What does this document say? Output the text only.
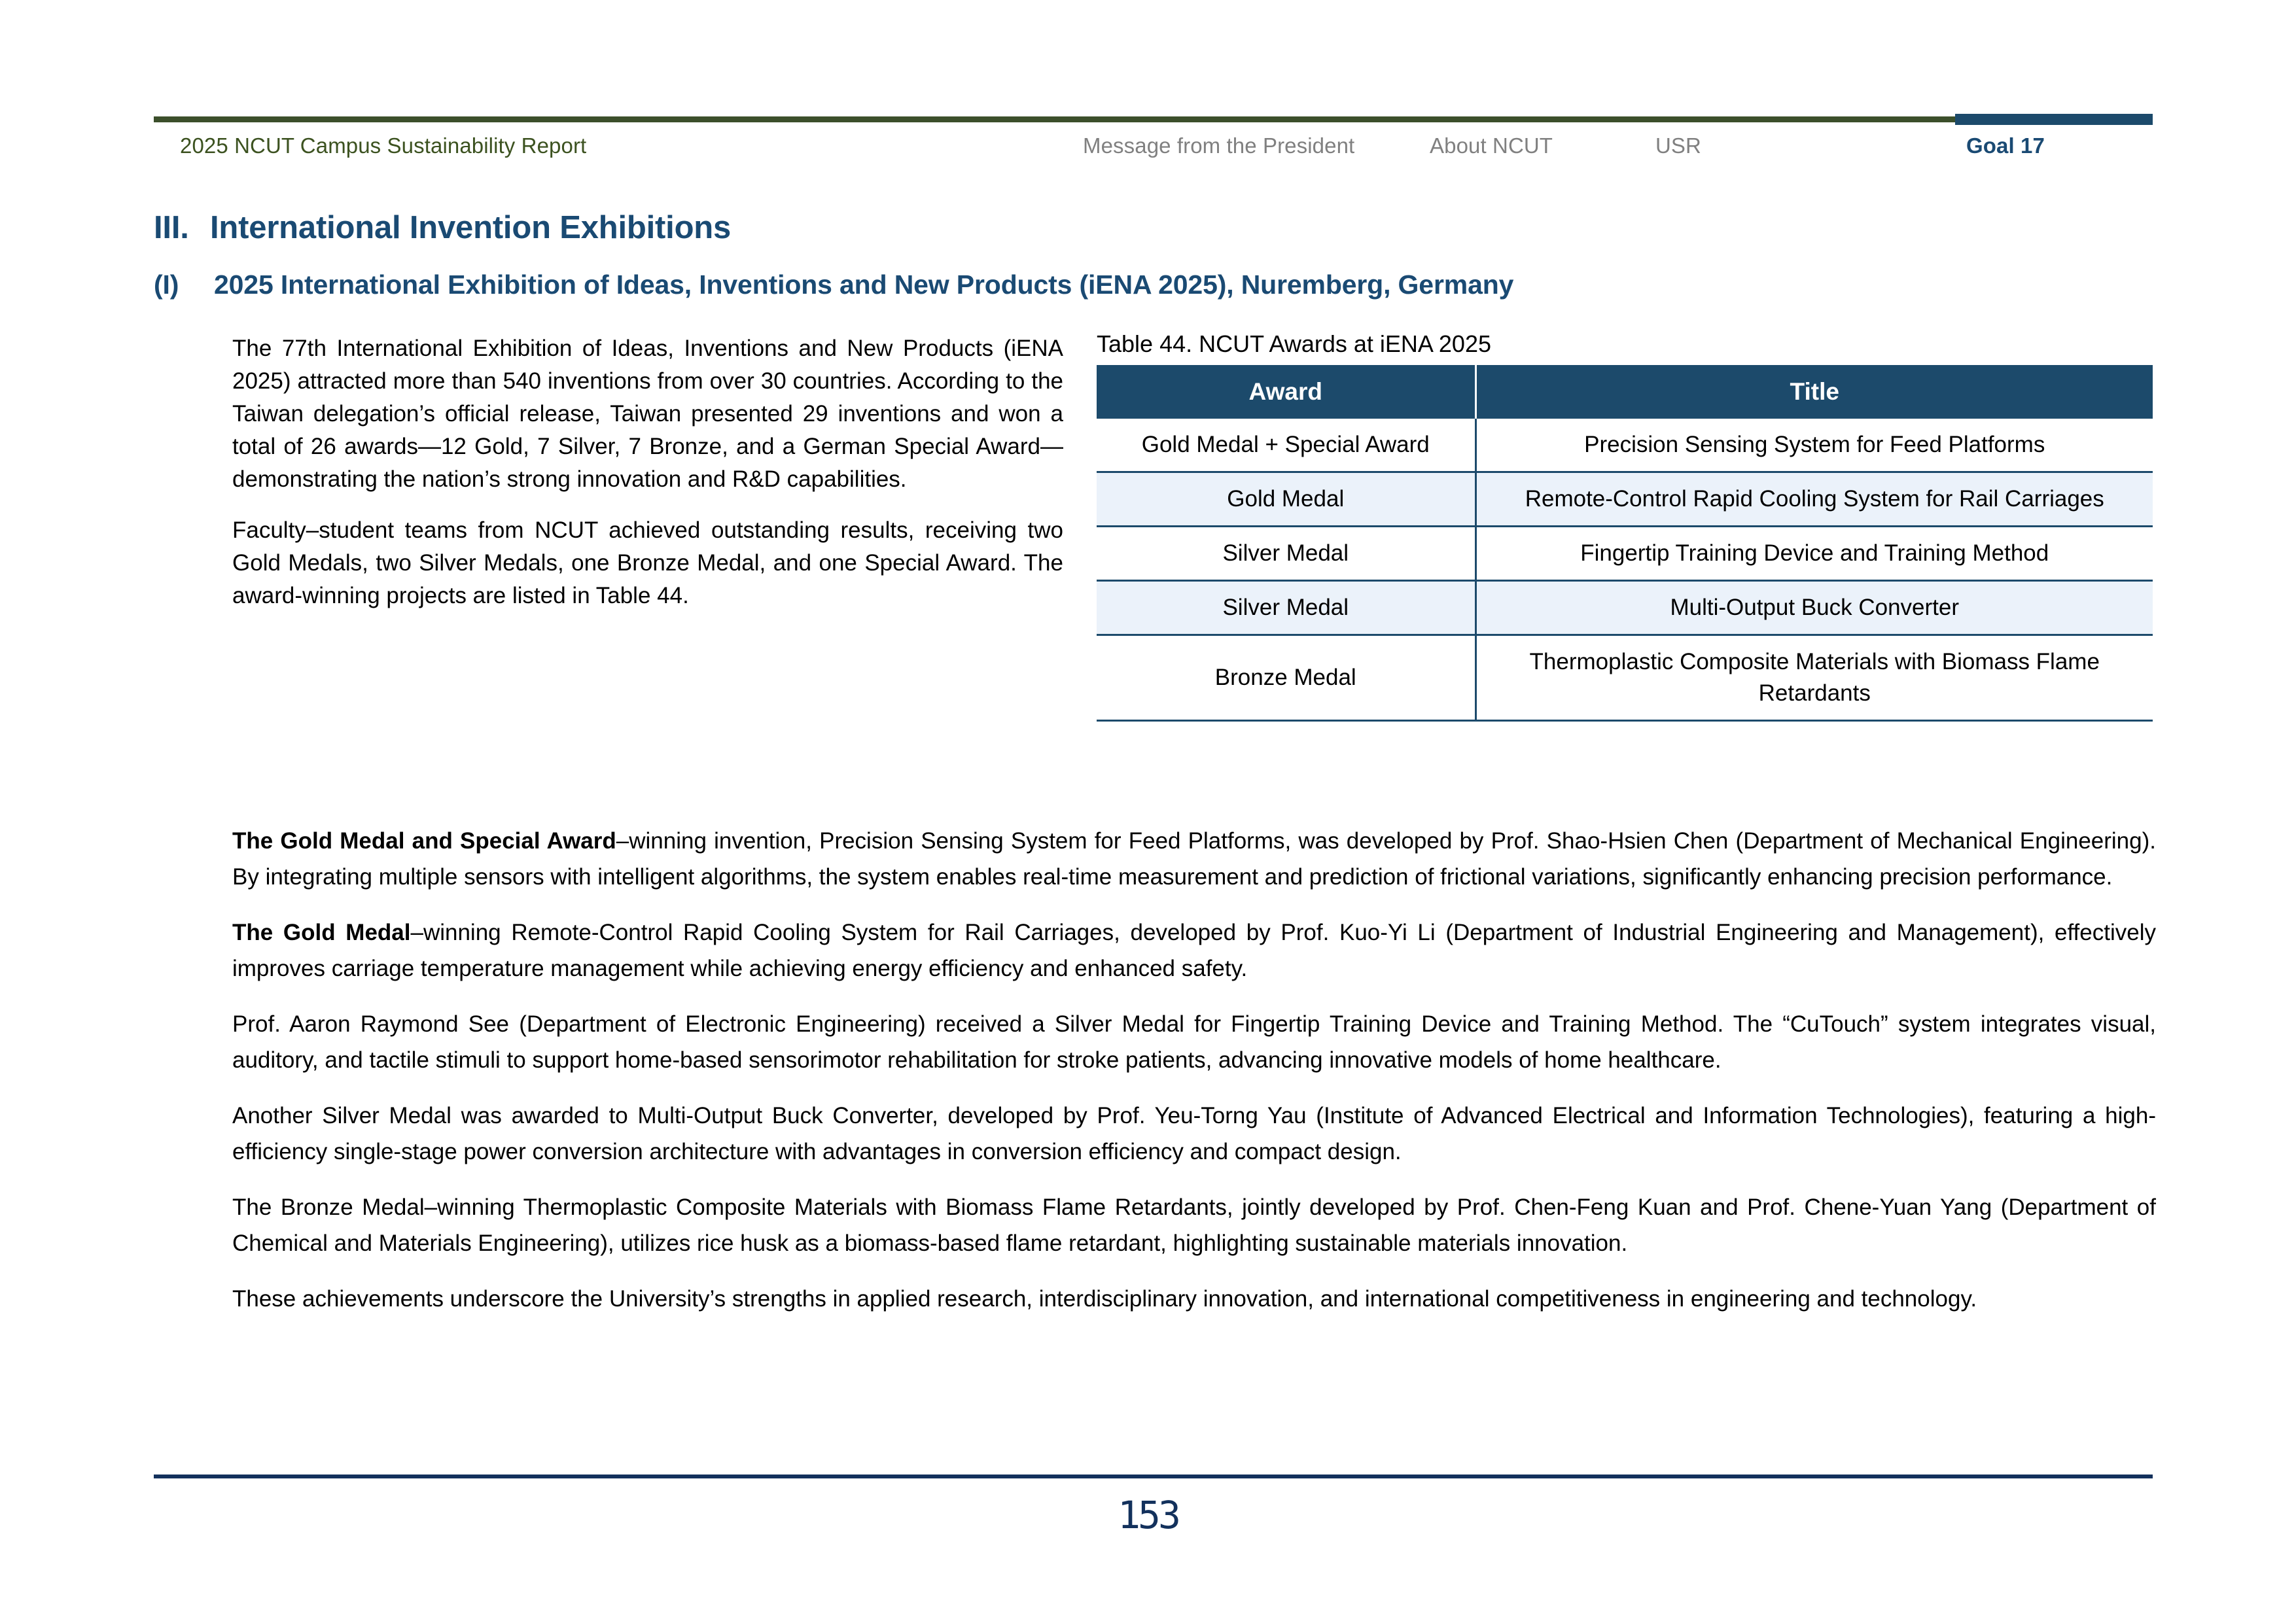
2025 NCUT Campus Sustainability Report	Message from the President	About NCUT	USR	Goal 17
III. International Invention Exhibitions
(I) 2025 International Exhibition of Ideas, Inventions and New Products (iENA 2025), Nuremberg, Germany

The 77th International Exhibition of Ideas, Inventions and New Products (iENA 2025) attracted more than 540 inventions from over 30 countries. According to the Taiwan delegation’s official release, Taiwan presented 29 inventions and won a total of 26 awards—12 Gold, 7 Silver, 7 Bronze, and a German Special Award—demonstrating the nation’s strong innovation and R&D capabilities.

Faculty–student teams from NCUT achieved outstanding results, receiving two Gold Medals, two Silver Medals, one Bronze Medal, and one Special Award. The award-winning projects are listed in Table 44.

Table 44. NCUT Awards at iENA 2025
Award	Title
Gold Medal + Special Award	Precision Sensing System for Feed Platforms
Gold Medal	Remote-Control Rapid Cooling System for Rail Carriages
Silver Medal	Fingertip Training Device and Training Method
Silver Medal	Multi-Output Buck Converter
Bronze Medal	Thermoplastic Composite Materials with Biomass Flame Retardants

The Gold Medal and Special Award–winning invention, Precision Sensing System for Feed Platforms, was developed by Prof. Shao-Hsien Chen (Department of Mechanical Engineering). By integrating multiple sensors with intelligent algorithms, the system enables real-time measurement and prediction of frictional variations, significantly enhancing precision performance.

The Gold Medal–winning Remote-Control Rapid Cooling System for Rail Carriages, developed by Prof. Kuo-Yi Li (Department of Industrial Engineering and Management), effectively improves carriage temperature management while achieving energy efficiency and enhanced safety.

Prof. Aaron Raymond See (Department of Electronic Engineering) received a Silver Medal for Fingertip Training Device and Training Method. The “CuTouch” system integrates visual, auditory, and tactile stimuli to support home-based sensorimotor rehabilitation for stroke patients, advancing innovative models of home healthcare.

Another Silver Medal was awarded to Multi-Output Buck Converter, developed by Prof. Yeu-Torng Yau (Institute of Advanced Electrical and Information Technologies), featuring a high-efficiency single-stage power conversion architecture with advantages in conversion efficiency and compact design.

The Bronze Medal–winning Thermoplastic Composite Materials with Biomass Flame Retardants, jointly developed by Prof. Chen-Feng Kuan and Prof. Chene-Yuan Yang (Department of Chemical and Materials Engineering), utilizes rice husk as a biomass-based flame retardant, highlighting sustainable materials innovation.

These achievements underscore the University’s strengths in applied research, interdisciplinary innovation, and international competitiveness in engineering and technology.

153
